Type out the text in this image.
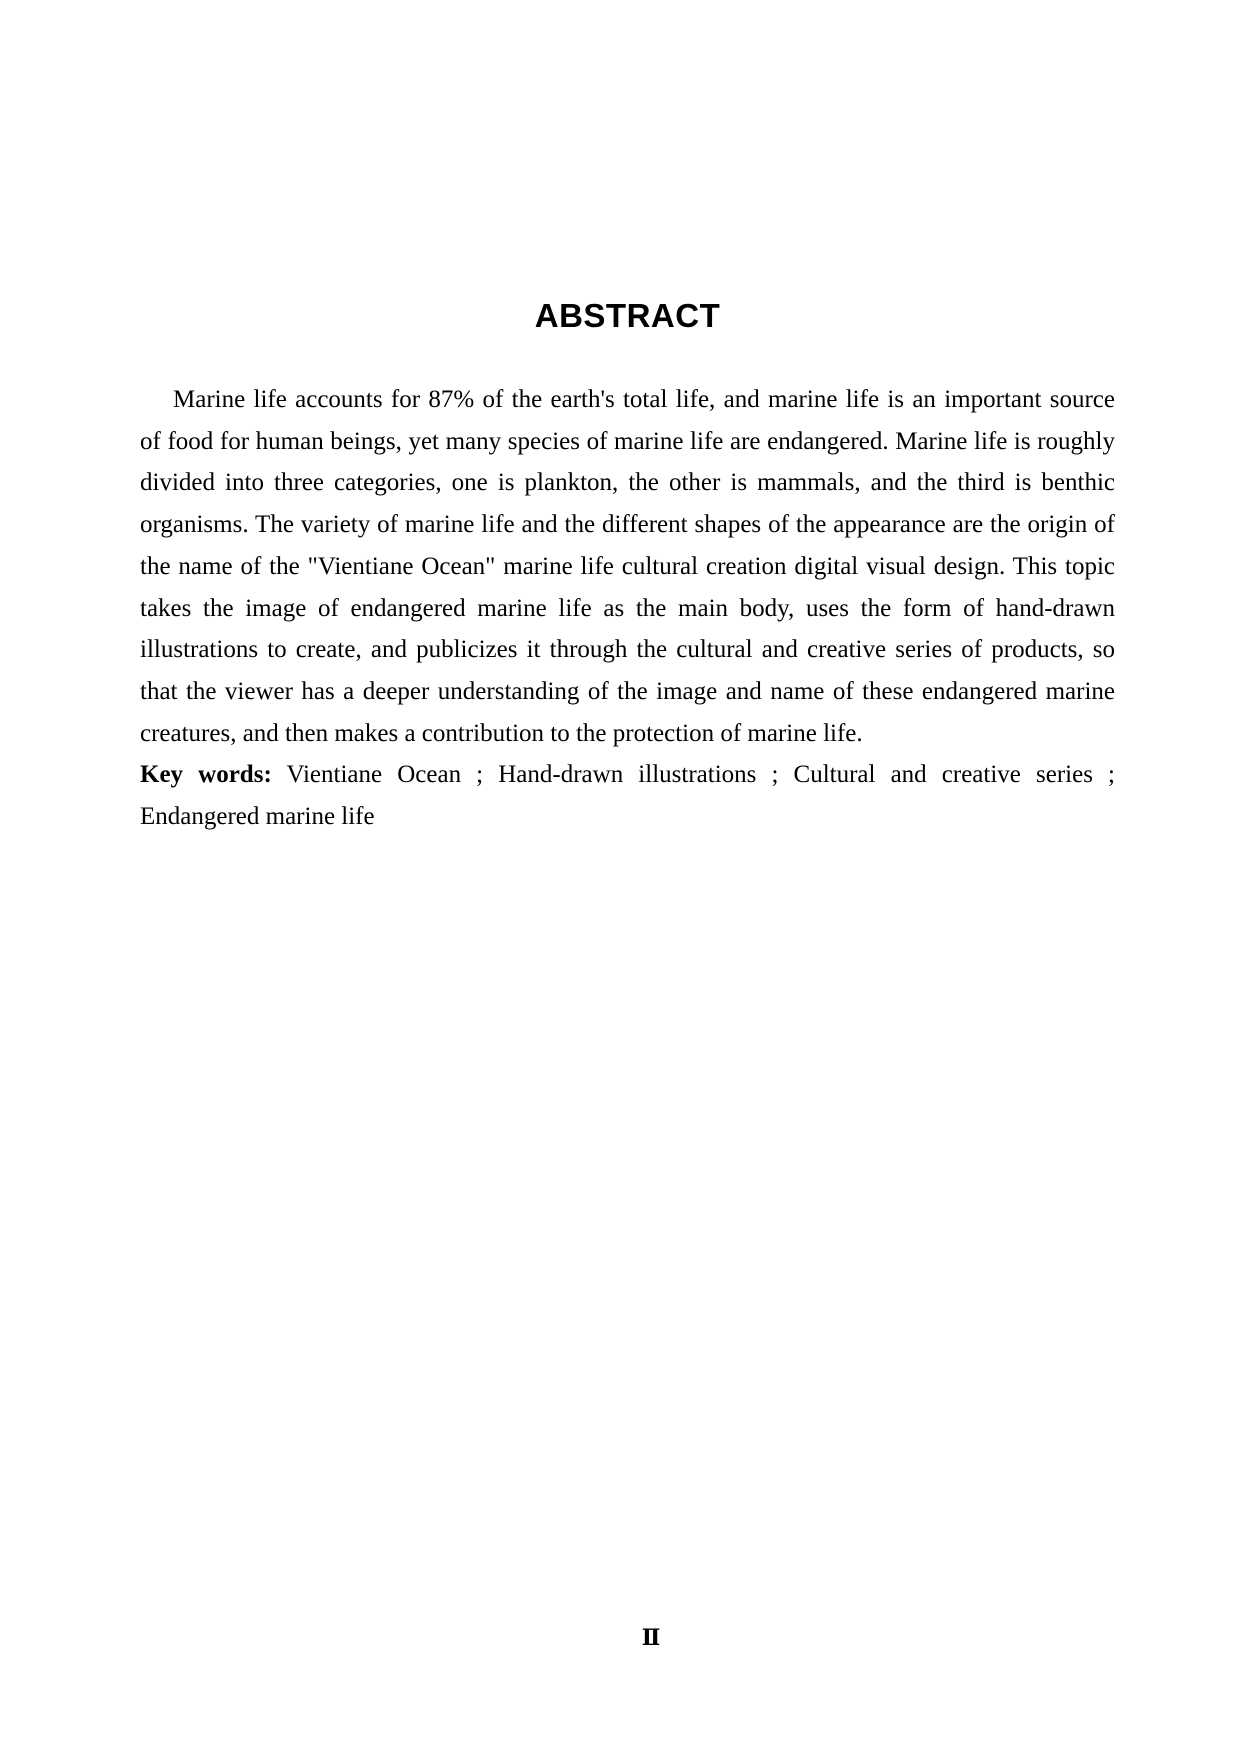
ABSTRACT
Marine life accounts for 87% of the earth's total life, and marine life is an important source
of food for human beings, yet many species of marine life are endangered. Marine life is roughly
divided into three categories, one is plankton, the other is mammals, and the third is benthic
organisms. The variety of marine life and the different shapes of the appearance are the origin of
the name of the "Vientiane Ocean" marine life cultural creation digital visual design. This topic
takes the image of endangered marine life as the main body, uses the form of hand-drawn
illustrations to create, and publicizes it through the cultural and creative series of products, so
that the viewer has a deeper understanding of the image and name of these endangered marine
creatures, and then makes a contribution to the protection of marine life.
Key words: Vientiane Ocean ; Hand-drawn illustrations ; Cultural and creative series ;
Endangered marine life
Ⅱ
